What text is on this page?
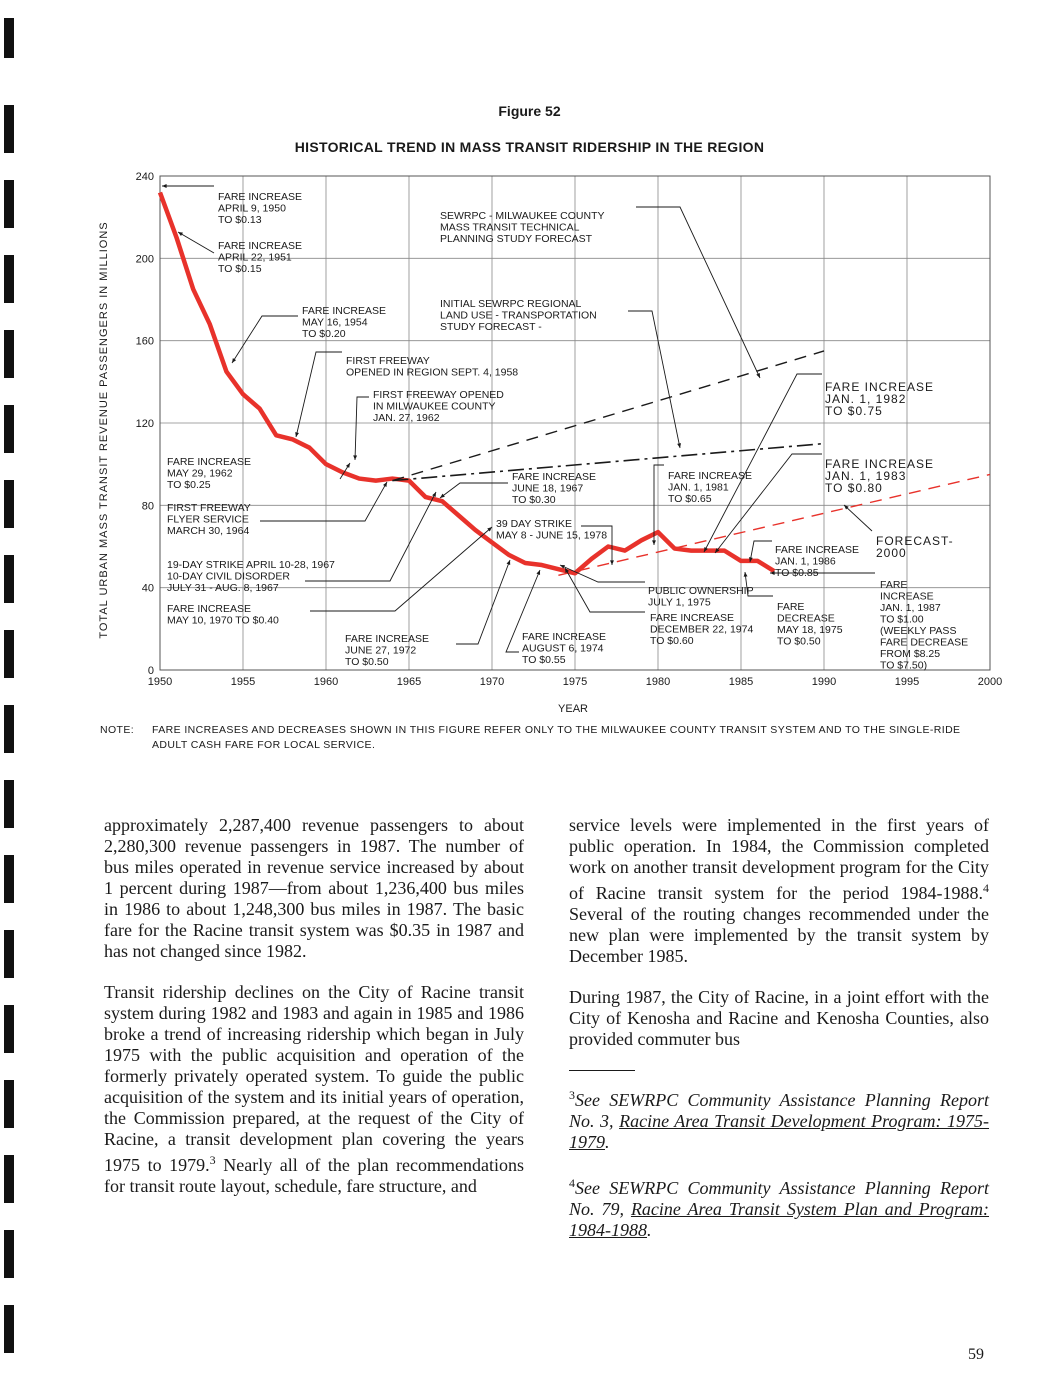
Figure 52
HISTORICAL TREND IN MASS TRANSIT RIDERSHIP IN THE REGION
TOTAL URBAN MASS TRANSIT REVENUE PASSENGERS IN MILLIONS
1950	1955	1960	1965	1970	1975	1980	1985	1990	1995	2000
0
40
80
120
160
200
240
FARE INCREASE
APRIL 9, 1950
TO $0.13
FARE INCREASE
APRIL 22, 1951
TO $0.15
FARE INCREASE
MAY 16, 1954
TO $0.20
SEWRPC - MILWAUKEE COUNTY
MASS TRANSIT TECHNICAL
PLANNING STUDY FORECAST
INITIAL SEWRPC REGIONAL
LAND USE - TRANSPORTATION
STUDY FORECAST -
FIRST FREEWAY
OPENED IN REGION SEPT. 4, 1958
FIRST FREEWAY OPENED
IN MILWAUKEE COUNTY
JAN. 27, 1962
FARE INCREASE
MAY 29, 1962
TO $0.25
FIRST FREEWAY
FLYER SERVICE
MARCH 30, 1964
19-DAY STRIKE APRIL 10-28, 1967
10-DAY CIVIL DISORDER
JULY 31 - AUG. 8, 1967
FARE INCREASE
MAY 10, 1970 TO $0.40
FARE INCREASE
JUNE 18, 1967
TO $0.30
39 DAY STRIKE
MAY 8 - JUNE 15, 1978
FARE INCREASE
JUNE 27, 1972
TO $0.50
FARE INCREASE
AUGUST 6, 1974
TO $0.55
FARE INCREASE
JAN. 1, 1981
TO $0.65
PUBLIC OWNERSHIP
JULY 1, 1975
FARE INCREASE
DECEMBER 22, 1974
TO $0.60
FARE INCREASE
JAN. 1, 1982
TO $0.75
FARE INCREASE
JAN. 1, 1983
TO $0.80
FORECAST-
2000
FARE INCREASE
JAN. 1, 1986
TO $0.85
FARE
DECREASE
MAY 18, 1975
TO $0.50
FARE
INCREASE
JAN. 1, 1987
TO $1.00
(WEEKLY PASS
FARE DECREASE
FROM $8.25
TO $7.50)
YEAR
NOTE: FARE INCREASES AND DECREASES SHOWN IN THIS FIGURE REFER ONLY TO THE MILWAUKEE COUNTY TRANSIT SYSTEM AND TO THE SINGLE-RIDE ADULT CASH FARE FOR LOCAL SERVICE.

approximately 2,287,400 revenue passengers to about 2,280,300 revenue passengers in 1987. The number of bus miles operated in revenue service increased by about 1 percent during 1987—from about 1,236,400 bus miles in 1986 to about 1,248,300 bus miles in 1987. The basic fare for the Racine transit system was $0.35 in 1987 and has not changed since 1982.

Transit ridership declines on the City of Racine transit system during 1982 and 1983 and again in 1985 and 1986 broke a trend of increasing ridership which began in July 1975 with the public acquisition and operation of the formerly privately operated system. To guide the public acquisition of the system and its initial years of operation, the Commission prepared, at the request of the City of Racine, a transit development plan covering the years 1975 to 1979.$^3$ Nearly all of the plan recommendations for transit route layout, schedule, fare structure, and

service levels were implemented in the first years of public operation. In 1984, the Commission completed work on another transit development program for the City of Racine transit system for the period 1984-1988.$^4$ Several of the routing changes recommended under the new plan were implemented by the transit system by December 1985.

During 1987, the City of Racine, in a joint effort with the City of Kenosha and Racine and Kenosha Counties, also provided commuter bus

$^3$See SEWRPC Community Assistance Planning Report No. 3, Racine Area Transit Development Program: 1975-1979.

$^4$See SEWRPC Community Assistance Planning Report No. 79, Racine Area Transit System Plan and Program: 1984-1988.

59
